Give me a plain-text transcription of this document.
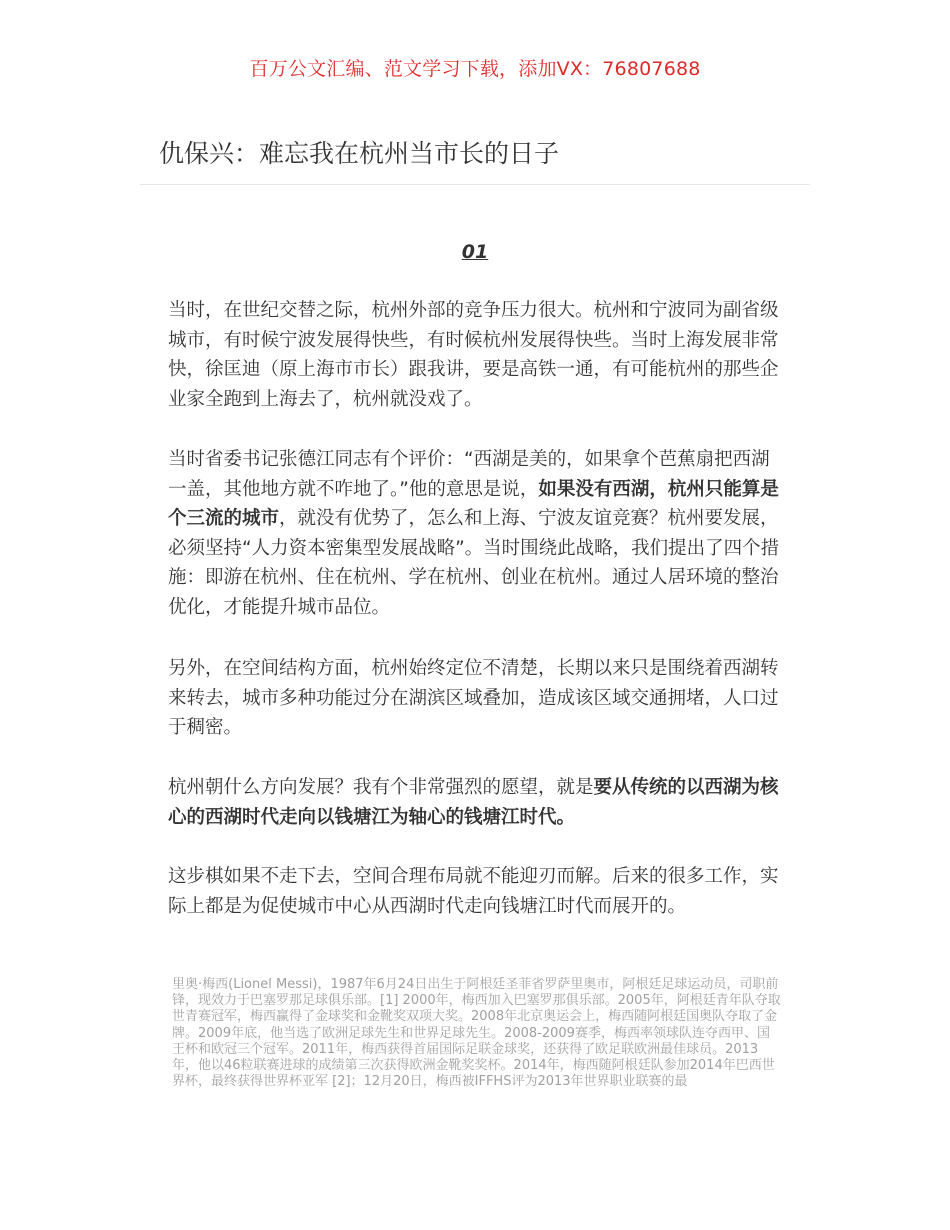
百万公文汇编、范文学习下载，添加VX：76807688
仇保兴：难忘我在杭州当市长的日子
01

当时，在世纪交替之际，杭州外部的竞争压力很大。杭州和宁波同为副省级城市，有时候宁波发展得快些，有时候杭州发展得快些。当时上海发展非常快，徐匡迪（原上海市市长）跟我讲，要是高铁一通，有可能杭州的那些企业家全跑到上海去了，杭州就没戏了。

当时省委书记张德江同志有个评价：“西湖是美的，如果拿个芭蕉扇把西湖一盖，其他地方就不咋地了。”他的意思是说，如果没有西湖，杭州只能算是个三流的城市，就没有优势了，怎么和上海、宁波友谊竞赛？杭州要发展，必须坚持“人力资本密集型发展战略”。当时围绕此战略，我们提出了四个措施：即游在杭州、住在杭州、学在杭州、创业在杭州。通过人居环境的整治优化，才能提升城市品位。

另外，在空间结构方面，杭州始终定位不清楚，长期以来只是围绕着西湖转来转去，城市多种功能过分在湖滨区域叠加，造成该区域交通拥堵，人口过于稠密。

杭州朝什么方向发展？我有个非常强烈的愿望，就是要从传统的以西湖为核心的西湖时代走向以钱塘江为轴心的钱塘江时代。

这步棋如果不走下去，空间合理布局就不能迎刃而解。后来的很多工作，实际上都是为促使城市中心从西湖时代走向钱塘江时代而展开的。

里奥·梅西(Lionel Messi)，1987年6月24日出生于阿根廷圣菲省罗萨里奥市，阿根廷足球运动员，司职前锋，现效力于巴塞罗那足球俱乐部。[1] 2000年，梅西加入巴塞罗那俱乐部。2005年，阿根廷青年队夺取世青赛冠军，梅西赢得了金球奖和金靴奖双项大奖。2008年北京奥运会上，梅西随阿根廷国奥队夺取了金牌。2009年底，他当选了欧洲足球先生和世界足球先生。2008-2009赛季，梅西率领球队连夺西甲、国王杯和欧冠三个冠军。2011年，梅西获得首届国际足联金球奖，还获得了欧足联欧洲最佳球员。2013年，他以46粒联赛进球的成绩第三次获得欧洲金靴奖奖杯。2014年，梅西随阿根廷队参加2014年巴西世界杯，最终获得世界杯亚军 [2]；12月20日，梅西被IFFHS评为2013年世界职业联赛的最
